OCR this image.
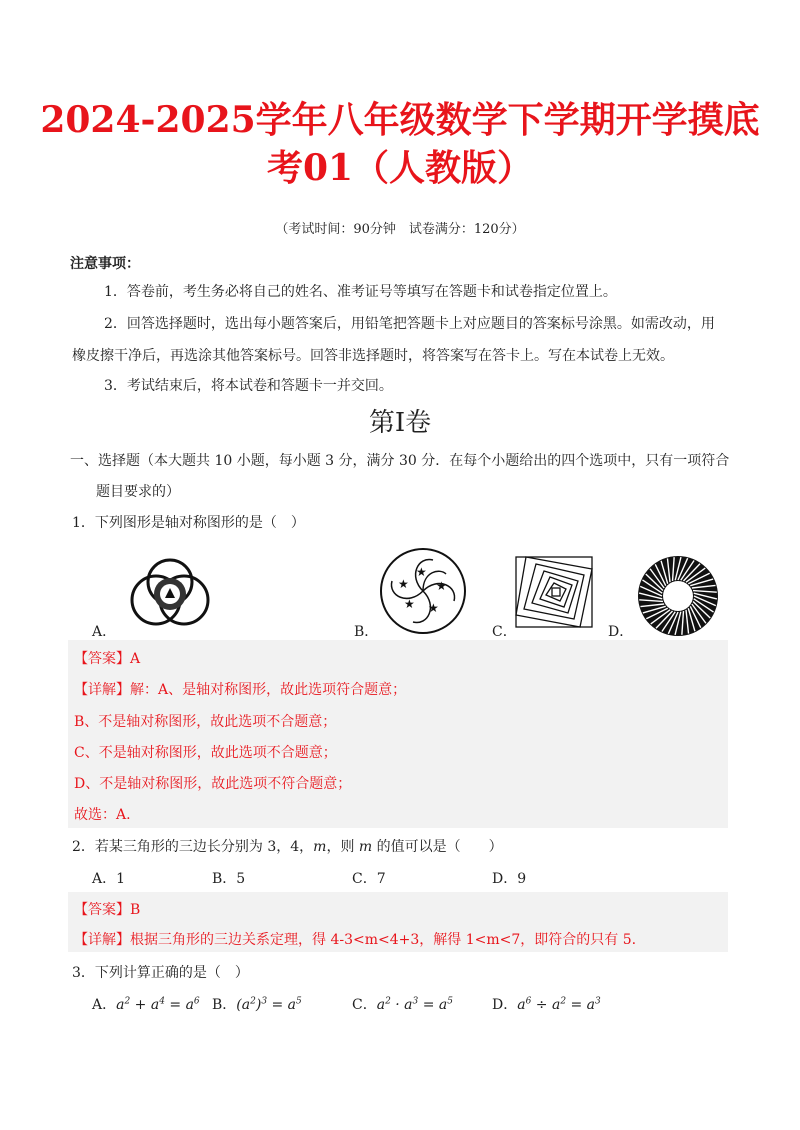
2024-2025学年八年级数学下学期开学摸底考01（人教版）
（考试时间：90分钟　试卷满分：120分）
注意事项：
1．答卷前，考生务必将自己的姓名、准考证号等填写在答题卡和试卷指定位置上。
2．回答选择题时，选出每小题答案后，用铅笔把答题卡上对应题目的答案标号涂黑。如需改动，用
橡皮擦干净后，再选涂其他答案标号。回答非选择题时，将答案写在答卡上。写在本试卷上无效。
3．考试结束后，将本试卷和答题卡一并交回。
第I卷
一、选择题（本大题共 10 小题，每小题 3 分，满分 30 分．在每个小题给出的四个选项中，只有一项符合
题目要求的）
1．下列图形是轴对称图形的是（　）
A．
★
★
★
★
★
B．	C．	D．
【答案】A
【详解】解：A、是轴对称图形，故此选项符合题意；
B、不是轴对称图形，故此选项不合题意；
C、不是轴对称图形，故此选项不合题意；
D、不是轴对称图形，故此选项不符合题意；
故选：A.
2．若某三角形的三边长分别为 3，4，m，则 m 的值可以是（　　）
A．1	B．5	C．7	D．9
【答案】B
【详解】根据三角形的三边关系定理，得 4-3<m<4+3，解得 1<m<7，即符合的只有 5.
3．下列计算正确的是（　）
A．$a^2 + a^4 = a^6$ B．$(a^2)^3 = a^5$	C．$a^2 \cdot a^3 = a^5$	D．$a^6 \div a^2 = a^3$
